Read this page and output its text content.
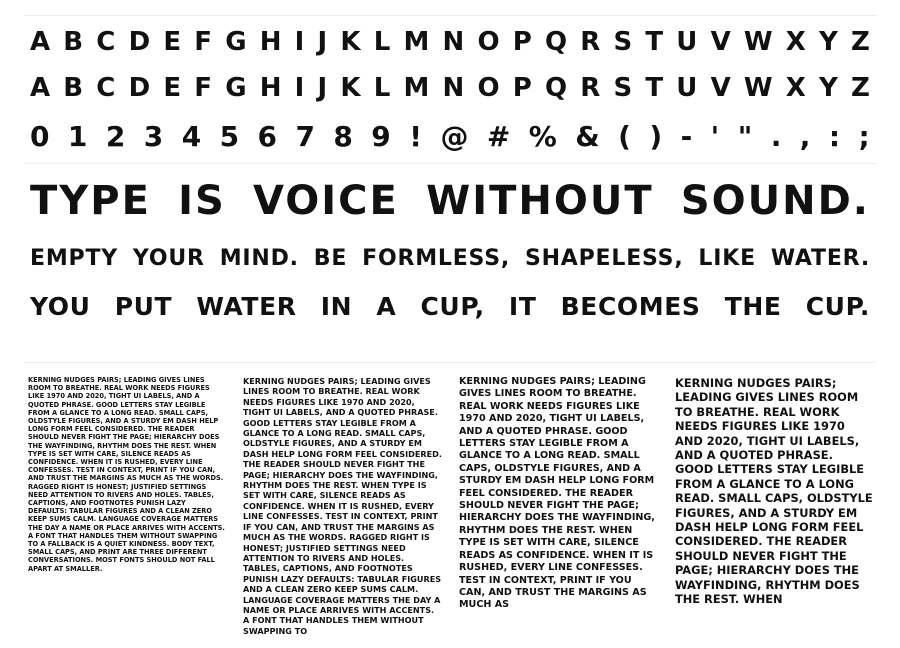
A B C D E F G H I J K L M N O P Q R S T U V W X Y Z
A B C D E F G H I J K L M N O P Q R S T U V W X Y Z
0 1 2 3 4 5 6 7 8 9 ! @ # % & ( ) - ' " . , : ;
TYPE IS VOICE WITHOUT SOUND.
EMPTY YOUR MIND. BE FORMLESS, SHAPELESS, LIKE WATER.
YOU PUT WATER IN A CUP, IT BECOMES THE CUP.
KERNING NUDGES PAIRS; LEADING GIVES LINES ROOM TO BREATHE. REAL WORK NEEDS FIGURES LIKE 1970 AND 2020, TIGHT UI LABELS, AND A QUOTED PHRASE. GOOD LETTERS STAY LEGIBLE FROM A GLANCE TO A LONG READ. SMALL CAPS, OLDSTYLE FIGURES, AND A STURDY EM DASH HELP LONG FORM FEEL CONSIDERED. THE READER SHOULD NEVER FIGHT THE PAGE; HIERARCHY DOES THE WAYFINDING, RHYTHM DOES THE REST. WHEN TYPE IS SET WITH CARE, SILENCE READS AS CONFIDENCE. WHEN IT IS RUSHED, EVERY LINE CONFESSES. TEST IN CONTEXT, PRINT IF YOU CAN, AND TRUST THE MARGINS AS MUCH AS THE WORDS. RAGGED RIGHT IS HONEST; JUSTIFIED SETTINGS NEED ATTENTION TO RIVERS AND HOLES. TABLES, CAPTIONS, AND FOOTNOTES PUNISH LAZY DEFAULTS: TABULAR FIGURES AND A CLEAN ZERO KEEP SUMS CALM. LANGUAGE COVERAGE MATTERS THE DAY A NAME OR PLACE ARRIVES WITH ACCENTS. A FONT THAT HANDLES THEM WITHOUT SWAPPING TO A FALLBACK IS A QUIET KINDNESS. BODY TEXT, SMALL CAPS, AND PRINT ARE THREE DIFFERENT CONVERSATIONS. MOST FONTS SHOULD NOT FALL APART AT SMALLER.
KERNING NUDGES PAIRS; LEADING GIVES LINES ROOM TO BREATHE. REAL WORK NEEDS FIGURES LIKE 1970 AND 2020, TIGHT UI LABELS, AND A QUOTED PHRASE. GOOD LETTERS STAY LEGIBLE FROM A GLANCE TO A LONG READ. SMALL CAPS, OLDSTYLE FIGURES, AND A STURDY EM DASH HELP LONG FORM FEEL CONSIDERED. THE READER SHOULD NEVER FIGHT THE PAGE; HIERARCHY DOES THE WAYFINDING, RHYTHM DOES THE REST. WHEN TYPE IS SET WITH CARE, SILENCE READS AS CONFIDENCE. WHEN IT IS RUSHED, EVERY LINE CONFESSES. TEST IN CONTEXT, PRINT IF YOU CAN, AND TRUST THE MARGINS AS MUCH AS THE WORDS. RAGGED RIGHT IS HONEST; JUSTIFIED SETTINGS NEED ATTENTION TO RIVERS AND HOLES. TABLES, CAPTIONS, AND FOOTNOTES PUNISH LAZY DEFAULTS: TABULAR FIGURES AND A CLEAN ZERO KEEP SUMS CALM. LANGUAGE COVERAGE MATTERS THE DAY A NAME OR PLACE ARRIVES WITH ACCENTS. A FONT THAT HANDLES THEM WITHOUT SWAPPING TO
KERNING NUDGES PAIRS; LEADING GIVES LINES ROOM TO BREATHE. REAL WORK NEEDS FIGURES LIKE 1970 AND 2020, TIGHT UI LABELS, AND A QUOTED PHRASE. GOOD LETTERS STAY LEGIBLE FROM A GLANCE TO A LONG READ. SMALL CAPS, OLDSTYLE FIGURES, AND A STURDY EM DASH HELP LONG FORM FEEL CONSIDERED. THE READER SHOULD NEVER FIGHT THE PAGE; HIERARCHY DOES THE WAYFINDING, RHYTHM DOES THE REST. WHEN TYPE IS SET WITH CARE, SILENCE READS AS CONFIDENCE. WHEN IT IS RUSHED, EVERY LINE CONFESSES. TEST IN CONTEXT, PRINT IF YOU CAN, AND TRUST THE MARGINS AS MUCH AS
KERNING NUDGES PAIRS; LEADING GIVES LINES ROOM TO BREATHE. REAL WORK NEEDS FIGURES LIKE 1970 AND 2020, TIGHT UI LABELS, AND A QUOTED PHRASE. GOOD LETTERS STAY LEGIBLE FROM A GLANCE TO A LONG READ. SMALL CAPS, OLDSTYLE FIGURES, AND A STURDY EM DASH HELP LONG FORM FEEL CONSIDERED. THE READER SHOULD NEVER FIGHT THE PAGE; HIERARCHY DOES THE WAYFINDING, RHYTHM DOES THE REST. WHEN
